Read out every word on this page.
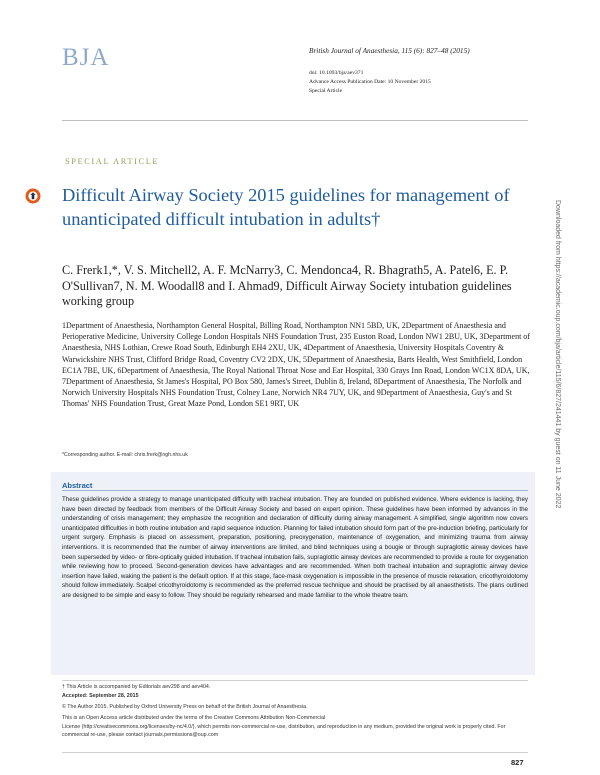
BJA	British Journal of Anaesthesia, 115 (6): 827–48 (2015)
doi: 10.1093/bja/aev371
Advance Access Publication Date: 10 November 2015
Special Article
SPECIAL ARTICLE
Difficult Airway Society 2015 guidelines for management of unanticipated difficult intubation in adults†
C. Frerk1,*, V. S. Mitchell2, A. F. McNarry3, C. Mendonca4, R. Bhagrath5, A. Patel6, E. P. O'Sullivan7, N. M. Woodall8 and I. Ahmad9, Difficult Airway Society intubation guidelines working group
1Department of Anaesthesia, Northampton General Hospital, Billing Road, Northampton NN1 5BD, UK, 2Department of Anaesthesia and Perioperative Medicine, University College London Hospitals NHS Foundation Trust, 235 Euston Road, London NW1 2BU, UK, 3Department of Anaesthesia, NHS Lothian, Crewe Road South, Edinburgh EH4 2XU, UK, 4Department of Anaesthesia, University Hospitals Coventry & Warwickshire NHS Trust, Clifford Bridge Road, Coventry CV2 2DX, UK, 5Department of Anaesthesia, Barts Health, West Smithfield, London EC1A 7BE, UK, 6Department of Anaesthesia, The Royal National Throat Nose and Ear Hospital, 330 Grays Inn Road, London WC1X 8DA, UK, 7Department of Anaesthesia, St James's Hospital, PO Box 580, James's Street, Dublin 8, Ireland, 8Department of Anaesthesia, The Norfolk and Norwich University Hospitals NHS Foundation Trust, Colney Lane, Norwich NR4 7UY, UK, and 9Department of Anaesthesia, Guy's and St Thomas' NHS Foundation Trust, Great Maze Pond, London SE1 9RT, UK
*Corresponding author. E-mail: chris.frerk@ngh.nhs.uk
Abstract
These guidelines provide a strategy to manage unanticipated difficulty with tracheal intubation. They are founded on published evidence. Where evidence is lacking, they have been directed by feedback from members of the Difficult Airway Society and based on expert opinion. These guidelines have been informed by advances in the understanding of crisis management; they emphasize the recognition and declaration of difficulty during airway management. A simplified, single algorithm now covers unanticipated difficulties in both routine intubation and rapid sequence induction. Planning for failed intubation should form part of the pre-induction briefing, particularly for urgent surgery. Emphasis is placed on assessment, preparation, positioning, preoxygenation, maintenance of oxygenation, and minimizing trauma from airway interventions. It is recommended that the number of airway interventions are limited, and blind techniques using a bougie or through supraglottic airway devices have been superseded by video- or fibre-optically guided intubation. If tracheal intubation fails, supraglottic airway devices are recommended to provide a route for oxygenation while reviewing how to proceed. Second-generation devices have advantages and are recommended. When both tracheal intubation and supraglottic airway device insertion have failed, waking the patient is the default option. If at this stage, face-mask oxygenation is impossible in the presence of muscle relaxation, cricothyroidotomy should follow immediately. Scalpel cricothyroidotomy is recommended as the preferred rescue technique and should be practised by all anaesthetists. The plans outlined are designed to be simple and easy to follow. They should be regularly rehearsed and made familiar to the whole theatre team.
† This Article is accompanied by Editorials aev298 and aev404.
Accepted: September 28, 2015
© The Author 2015. Published by Oxford University Press on behalf of the British Journal of Anaesthesia.
This is an Open Access article distributed under the terms of the Creative Commons Attribution Non-Commercial
License (http://creativecommons.org/licenses/by-nc/4.0/), which permits non-commercial re-use, distribution, and reproduction in any medium, provided the original work is properly cited. For commercial re-use, please contact journals.permissions@oup.com
827
Downloaded from https://academic.oup.com/bja/article/115/6/827/241441 by guest on 11 June 2022
